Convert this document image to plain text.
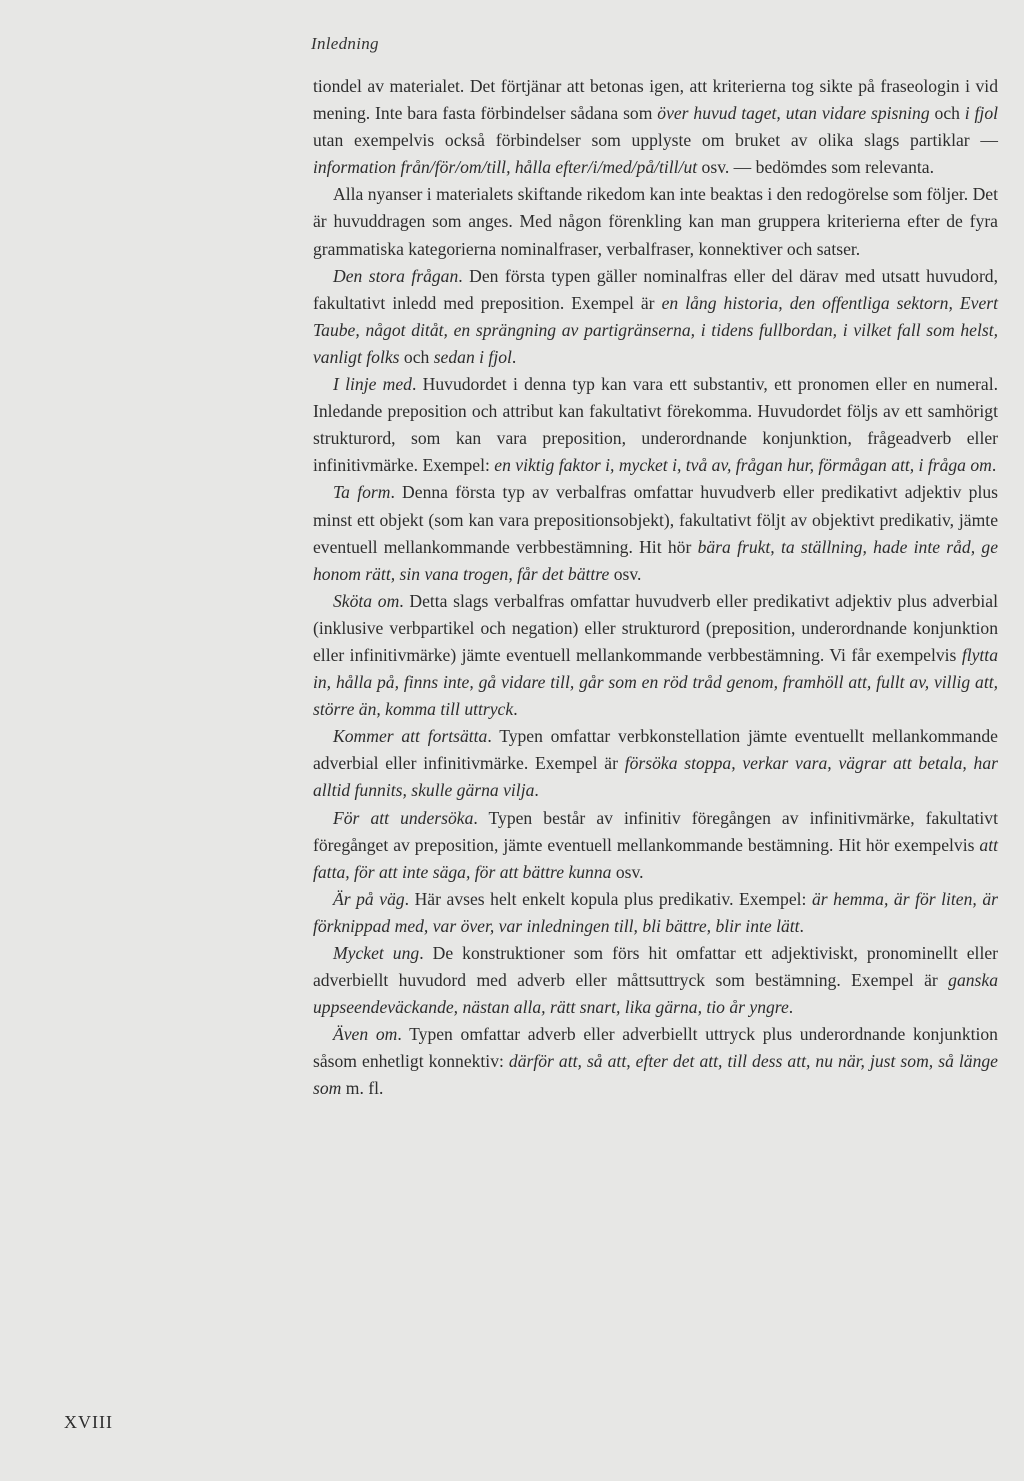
Inledning

tiondel av materialet. Det förtjänar att betonas igen, att kriterierna tog sikte på fraseologin i vid mening. Inte bara fasta förbindelser sådana som över huvud taget, utan vidare spisning och i fjol utan exempelvis också förbindelser som upplyste om bruket av olika slags partiklar — information från/för/om/till, hålla efter/i/med/på/till/ut osv. — bedömdes som relevanta.

Alla nyanser i materialets skiftande rikedom kan inte beaktas i den redogörelse som följer. Det är huvuddragen som anges. Med någon förenkling kan man gruppera kriterierna efter de fyra grammatiska kategorierna nominalfraser, verbalfraser, konnektiver och satser.

Den stora frågan. Den första typen gäller nominalfras eller del därav med utsatt huvudord, fakultativt inledd med preposition. Exempel är en lång historia, den offentliga sektorn, Evert Taube, något ditåt, en sprängning av partigränserna, i tidens fullbordan, i vilket fall som helst, vanligt folks och sedan i fjol.

I linje med. Huvudordet i denna typ kan vara ett substantiv, ett pronomen eller en numeral. Inledande preposition och attribut kan fakultativt förekomma. Huvudordet följs av ett samhörigt strukturord, som kan vara preposition, underordnande konjunktion, frågeadverb eller infinitivmärke. Exempel: en viktig faktor i, mycket i, två av, frågan hur, förmågan att, i fråga om.

Ta form. Denna första typ av verbalfras omfattar huvudverb eller predikativt adjektiv plus minst ett objekt (som kan vara prepositionsobjekt), fakultativt följt av objektivt predikativ, jämte eventuell mellankommande verbbestämning. Hit hör bära frukt, ta ställning, hade inte råd, ge honom rätt, sin vana trogen, får det bättre osv.

Sköta om. Detta slags verbalfras omfattar huvudverb eller predikativt adjektiv plus adverbial (inklusive verbpartikel och negation) eller strukturord (preposition, underordnande konjunktion eller infinitivmärke) jämte eventuell mellankommande verbbestämning. Vi får exempelvis flytta in, hålla på, finns inte, gå vidare till, går som en röd tråd genom, framhöll att, fullt av, villig att, större än, komma till uttryck.

Kommer att fortsätta. Typen omfattar verbkonstellation jämte eventuellt mellankommande adverbial eller infinitivmärke. Exempel är försöka stoppa, verkar vara, vägrar att betala, har alltid funnits, skulle gärna vilja.

För att undersöka. Typen består av infinitiv föregången av infinitivmärke, fakultativt föregånget av preposition, jämte eventuell mellankommande bestämning. Hit hör exempelvis att fatta, för att inte säga, för att bättre kunna osv.

Är på väg. Här avses helt enkelt kopula plus predikativ. Exempel: är hemma, är för liten, är förknippad med, var över, var inledningen till, bli bättre, blir inte lätt.

Mycket ung. De konstruktioner som förs hit omfattar ett adjektiviskt, pronominellt eller adverbiellt huvudord med adverb eller måttsuttryck som bestämning. Exempel är ganska uppseendeväckande, nästan alla, rätt snart, lika gärna, tio år yngre.

Även om. Typen omfattar adverb eller adverbiellt uttryck plus underordnande konjunktion såsom enhetligt konnektiv: därför att, så att, efter det att, till dess att, nu när, just som, så länge som m. fl.

XVIII
